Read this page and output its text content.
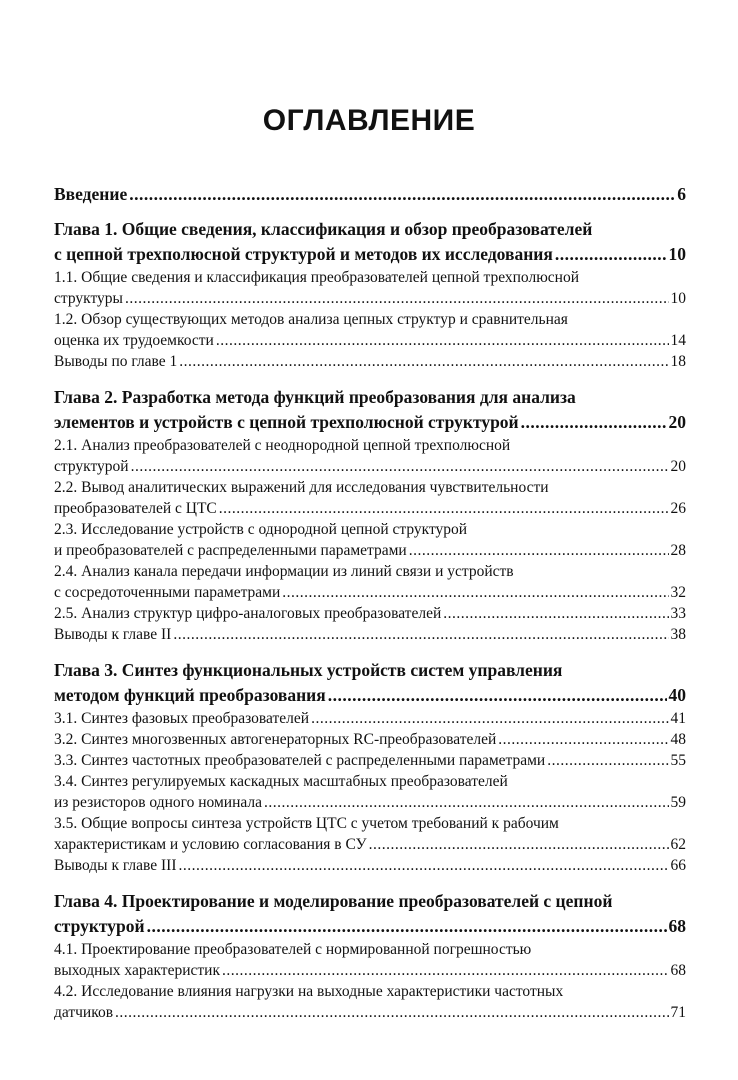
ОГЛАВЛЕНИЕ
Введение .....	6
Глава 1. Общие сведения, классификация и обзор преобразователей
с цепной трехполюсной структурой и методов их исследования .....	10
1.1. Общие сведения и классификация преобразователей цепной трехполюсной
структуры .....	10
1.2. Обзор существующих методов анализа цепных структур и сравнительная
оценка их трудоемкости .....	14
Выводы по главе 1 .....	18
Глава 2. Разработка метода функций преобразования для анализа
элементов и устройств с цепной трехполюсной структурой .....	20
2.1. Анализ преобразователей с неоднородной цепной трехполюсной
структурой .....	20
2.2. Вывод аналитических выражений для исследования чувствительности
преобразователей с ЦТС .....	26
2.3. Исследование устройств с однородной цепной структурой
и преобразователей с распределенными параметрами .....	28
2.4. Анализ канала передачи информации из линий связи и устройств
с сосредоточенными параметрами .....	32
2.5. Анализ структур цифро-аналоговых преобразователей .....	33
Выводы к главе II .....	38
Глава 3. Синтез функциональных устройств систем управления
методом функций преобразования .....	40
3.1. Синтез фазовых преобразователей .....	41
3.2. Синтез многозвенных автогенераторных RC-преобразователей .....	48
3.3. Синтез частотных преобразователей с распределенными параметрами .....	55
3.4. Синтез регулируемых каскадных масштабных преобразователей
из резисторов одного номинала .....	59
3.5. Общие вопросы синтеза устройств ЦТС с учетом требований к рабочим
характеристикам и условию согласования в СУ .....	62
Выводы к главе III .....	66
Глава 4. Проектирование и моделирование преобразователей с цепной
структурой .....	68
4.1. Проектирование преобразователей с нормированной погрешностью
выходных характеристик .....	68
4.2. Исследование влияния нагрузки на выходные характеристики частотных
датчиков .....	71
